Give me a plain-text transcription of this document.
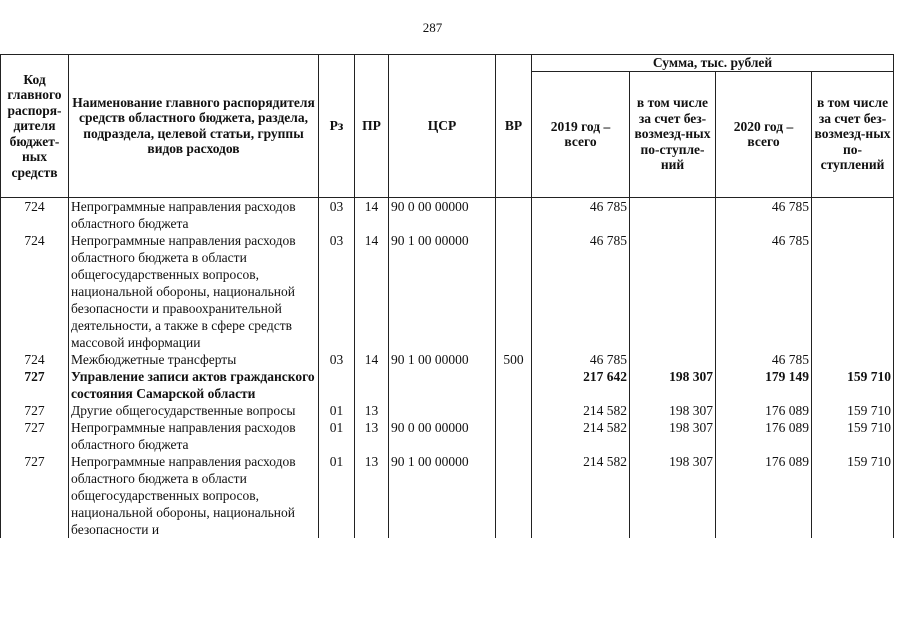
287
Код главного распоря-дителя бюджет-ных средств	Наименование главного распорядителя средств областного бюджета, раздела, подраздела, целевой статьи, группы видов расходов	Рз	ПР	ЦСР	ВР	Сумма, тыс. рублей			
						2019 год – всего	в том числе за счет без-возмезд-ных по-ступле-ний	2020 год – всего	в том числе за счет без-возмезд-ных по-ступлений
724	Непрограммные направления расходов областного бюджета	03	14	90 0 00 00000		46 785		46 785	
724	Непрограммные направления расходов областного бюджета в области общегосударственных вопросов, национальной обороны, национальной безопасности и правоохранительной деятельности, а также в сфере средств массовой информации	03	14	90 1 00 00000		46 785		46 785	
724	Межбюджетные трансферты	03	14	90 1 00 00000	500	46 785		46 785	
727	Управление записи актов гражданского состояния Самарской области					217 642	198 307	179 149	159 710
727	Другие общегосударственные вопросы	01	13			214 582	198 307	176 089	159 710
727	Непрограммные направления расходов областного бюджета	01	13	90 0 00 00000		214 582	198 307	176 089	159 710
727	Непрограммные направления расходов областного бюджета в области общегосударственных вопросов, национальной обороны, национальной безопасности и	01	13	90 1 00 00000		214 582	198 307	176 089	159 710
